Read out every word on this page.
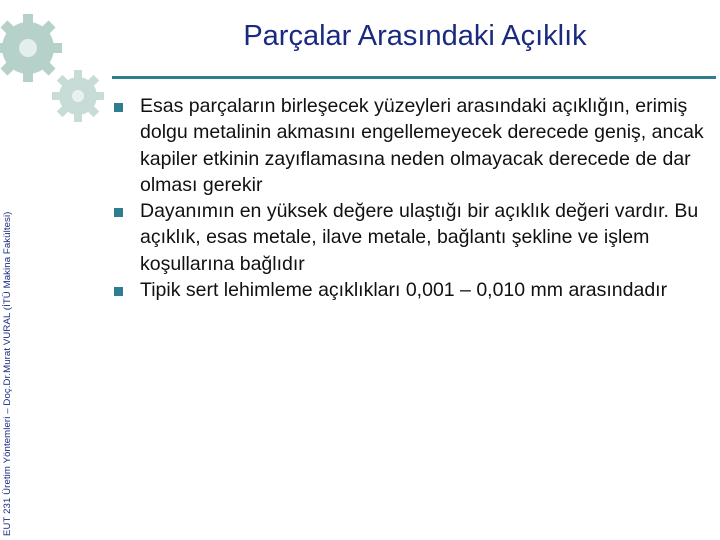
EUT 231 Üretim Yöntemleri – Doç.Dr.Murat VURAL (İTÜ Makina Fakültesi)
Parçalar Arasındaki Açıklık
Esas parçaların birleşecek yüzeyleri arasındaki açıklığın, erimiş dolgu metalinin akmasını engellemeyecek derecede geniş, ancak kapiler etkinin zayıflamasına neden olmayacak derecede de dar olması gerekir
Dayanımın en yüksek değere ulaştığı bir açıklık değeri vardır. Bu açıklık, esas metale, ilave metale, bağlantı şekline ve işlem koşullarına bağlıdır
Tipik sert lehimleme açıklıkları 0,001 – 0,010 mm arasındadır
